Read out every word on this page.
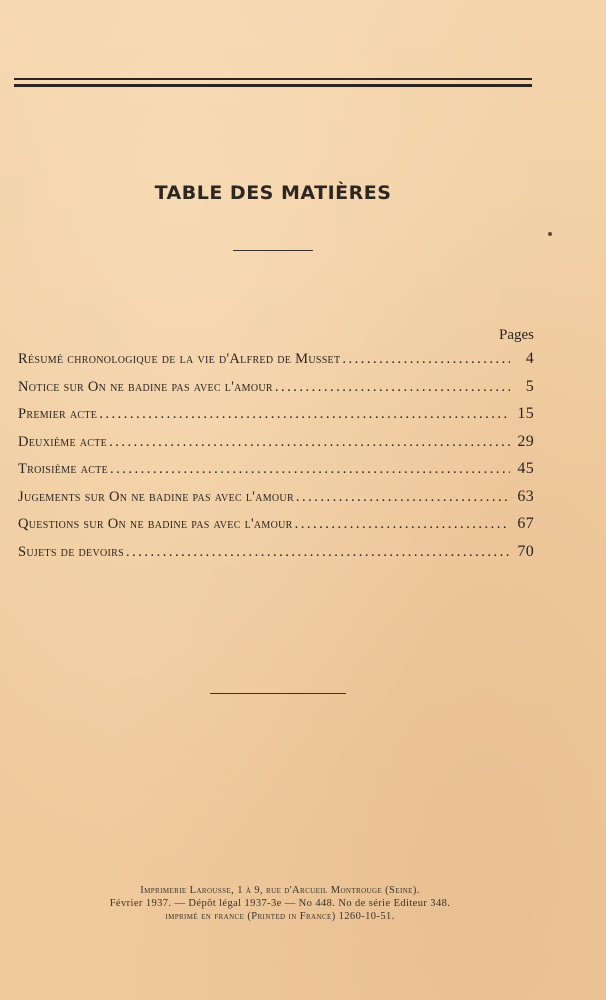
TABLE DES MATIÈRES
Pages
Résumé chronologique de la vie d'Alfred de Musset .....	4
Notice sur On ne badine pas avec l'amour .....	5
Premier acte .....	15
Deuxième acte .....	29
Troisième acte .....	45
Jugements sur On ne badine pas avec l'amour .....	63
Questions sur On ne badine pas avec l'amour .....	67
Sujets de devoirs .....	70
Imprimerie Larousse, 1 à 9, rue d'Arcueil Montrouge (Seine).
Février 1937. — Dépôt légal 1937-3e — No 448. No de série Editeur 348.
imprimé en france (Printed in France) 1260-10-51.
